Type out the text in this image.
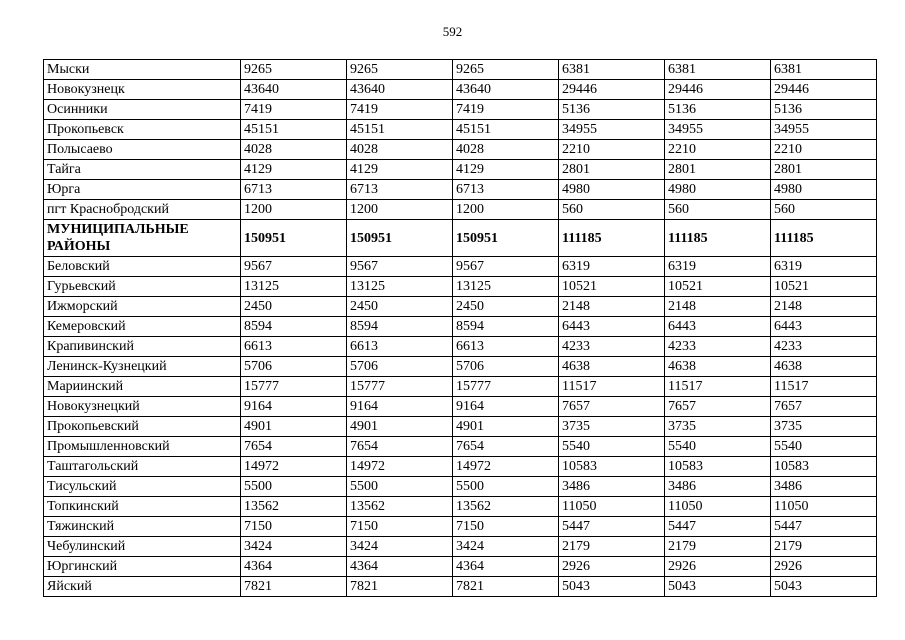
592
Мыски	9265	9265	9265	6381	6381	6381
Новокузнецк	43640	43640	43640	29446	29446	29446
Осинники	7419	7419	7419	5136	5136	5136
Прокопьевск	45151	45151	45151	34955	34955	34955
Полысаево	4028	4028	4028	2210	2210	2210
Тайга	4129	4129	4129	2801	2801	2801
Юрга	6713	6713	6713	4980	4980	4980
пгт Краснобродский	1200	1200	1200	560	560	560
МУНИЦИПАЛЬНЫЕ РАЙОНЫ	150951	150951	150951	111185	111185	111185
Беловский	9567	9567	9567	6319	6319	6319
Гурьевский	13125	13125	13125	10521	10521	10521
Ижморский	2450	2450	2450	2148	2148	2148
Кемеровский	8594	8594	8594	6443	6443	6443
Крапивинский	6613	6613	6613	4233	4233	4233
Ленинск-Кузнецкий	5706	5706	5706	4638	4638	4638
Мариинский	15777	15777	15777	11517	11517	11517
Новокузнецкий	9164	9164	9164	7657	7657	7657
Прокопьевский	4901	4901	4901	3735	3735	3735
Промышленновский	7654	7654	7654	5540	5540	5540
Таштагольский	14972	14972	14972	10583	10583	10583
Тисульский	5500	5500	5500	3486	3486	3486
Топкинский	13562	13562	13562	11050	11050	11050
Тяжинский	7150	7150	7150	5447	5447	5447
Чебулинский	3424	3424	3424	2179	2179	2179
Юргинский	4364	4364	4364	2926	2926	2926
Яйский	7821	7821	7821	5043	5043	5043
